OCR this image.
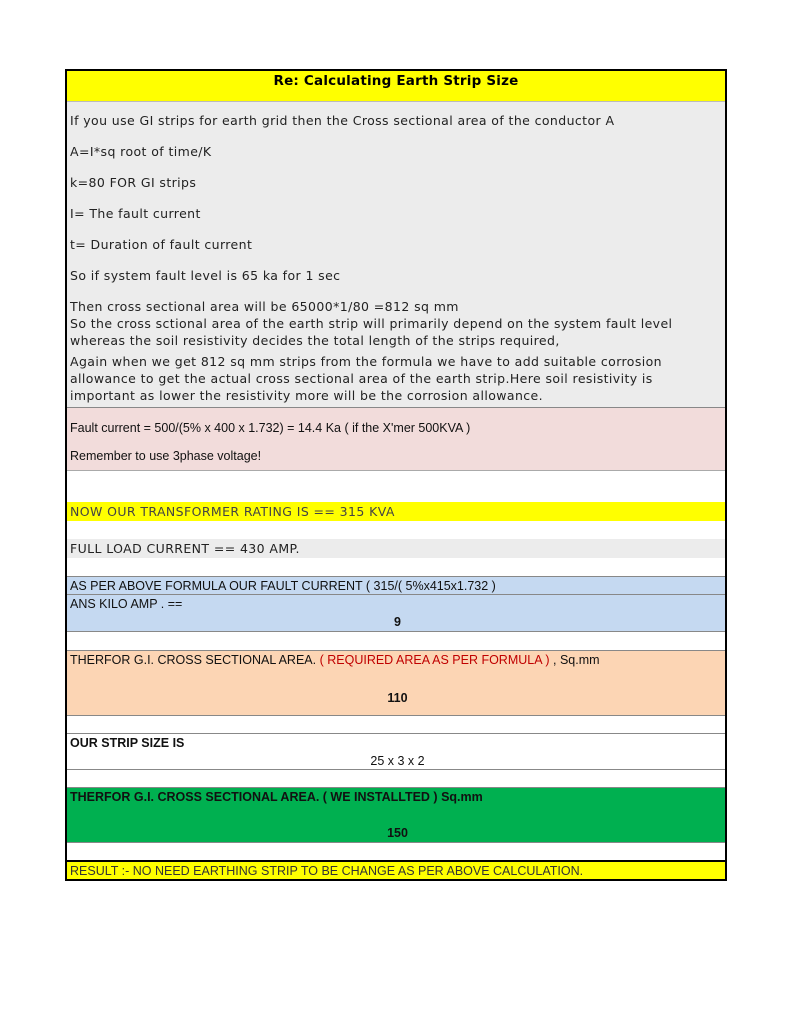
Re: Calculating Earth Strip Size

If you use GI strips for earth grid then the Cross sectional area of the conductor A

A=I*sq root of time/K

k=80 FOR GI strips

I= The fault current

t= Duration of fault current

So if system fault level is 65 ka for 1 sec

Then cross sectional area will be 65000*1/80 =812 sq mm

So the cross sctional area of the earth strip will primarily depend on the system fault level whereas the soil resistivity decides the total length of the strips required,

Again when we get 812 sq mm strips from the formula we have to add suitable corrosion allowance to get the actual cross sectional area of the earth strip.Here soil resistivity is important as lower the resistivity more will be the corrosion allowance.

Fault current = 500/(5% x 400 x 1.732) = 14.4 Ka ( if the X'mer 500KVA )

Remember to use 3phase voltage!

NOW OUR TRANSFORMER RATING IS == 315 KVA
FULL LOAD CURRENT == 430 AMP.
AS PER ABOVE FORMULA OUR FAULT CURRENT ( 315/( 5%x415x1.732 )
ANS KILO AMP . ==
9
THERFOR G.I. CROSS SECTIONAL AREA. ( REQUIRED AREA AS PER FORMULA ) , Sq.mm
110
OUR STRIP SIZE IS
25 x 3 x 2
THERFOR G.I. CROSS SECTIONAL AREA. ( WE INSTALLTED ) Sq.mm
150
RESULT :- NO NEED EARTHING STRIP TO BE CHANGE AS PER ABOVE CALCULATION.
